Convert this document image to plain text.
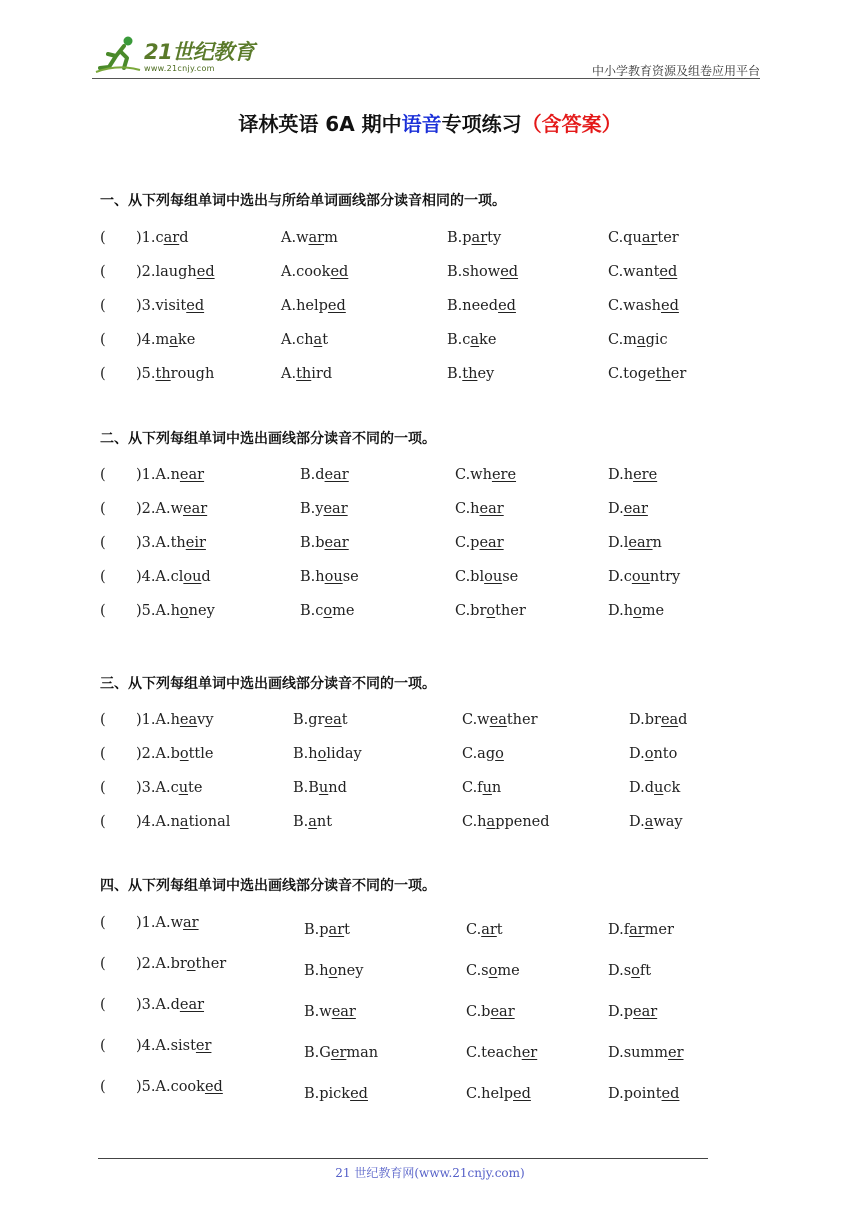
21世纪教育
www.21cnjy.com	中小学教育资源及组卷应用平台
译林英语 6A 期中语音专项练习（含答案）
一、从下列每组单词中选出与所给单词画线部分读音相同的一项。
( )1.card	A.warm	B.party	C.quarter
( )2.laughed	A.cooked	B.showed	C.wanted
( )3.visited	A.helped	B.needed	C.washed
( )4.make	A.chat	B.cake	C.magic
( )5.through	A.third	B.they	C.together
二、从下列每组单词中选出画线部分读音不同的一项。
( )1.A.near	B.dear	C.where	D.here
( )2.A.wear	B.year	C.hear	D.ear
( )3.A.their	B.bear	C.pear	D.learn
( )4.A.cloud	B.house	C.blouse	D.country
( )5.A.honey	B.come	C.brother	D.home
三、从下列每组单词中选出画线部分读音不同的一项。
( )1.A.heavy	B.great	C.weather	D.bread
( )2.A.bottle	B.holiday	C.ago	D.onto
( )3.A.cute	B.Bund	C.fun	D.duck
( )4.A.national	B.ant	C.happened	D.away
四、从下列每组单词中选出画线部分读音不同的一项。
( )1.A.war	B.part	C.art	D.farmer
( )2.A.brother	B.honey	C.some	D.soft
( )3.A.dear	B.wear	C.bear	D.pear
( )4.A.sister	B.German	C.teacher	D.summer
( )5.A.cooked	B.picked	C.helped	D.pointed
21 世纪教育网(www.21cnjy.com)
